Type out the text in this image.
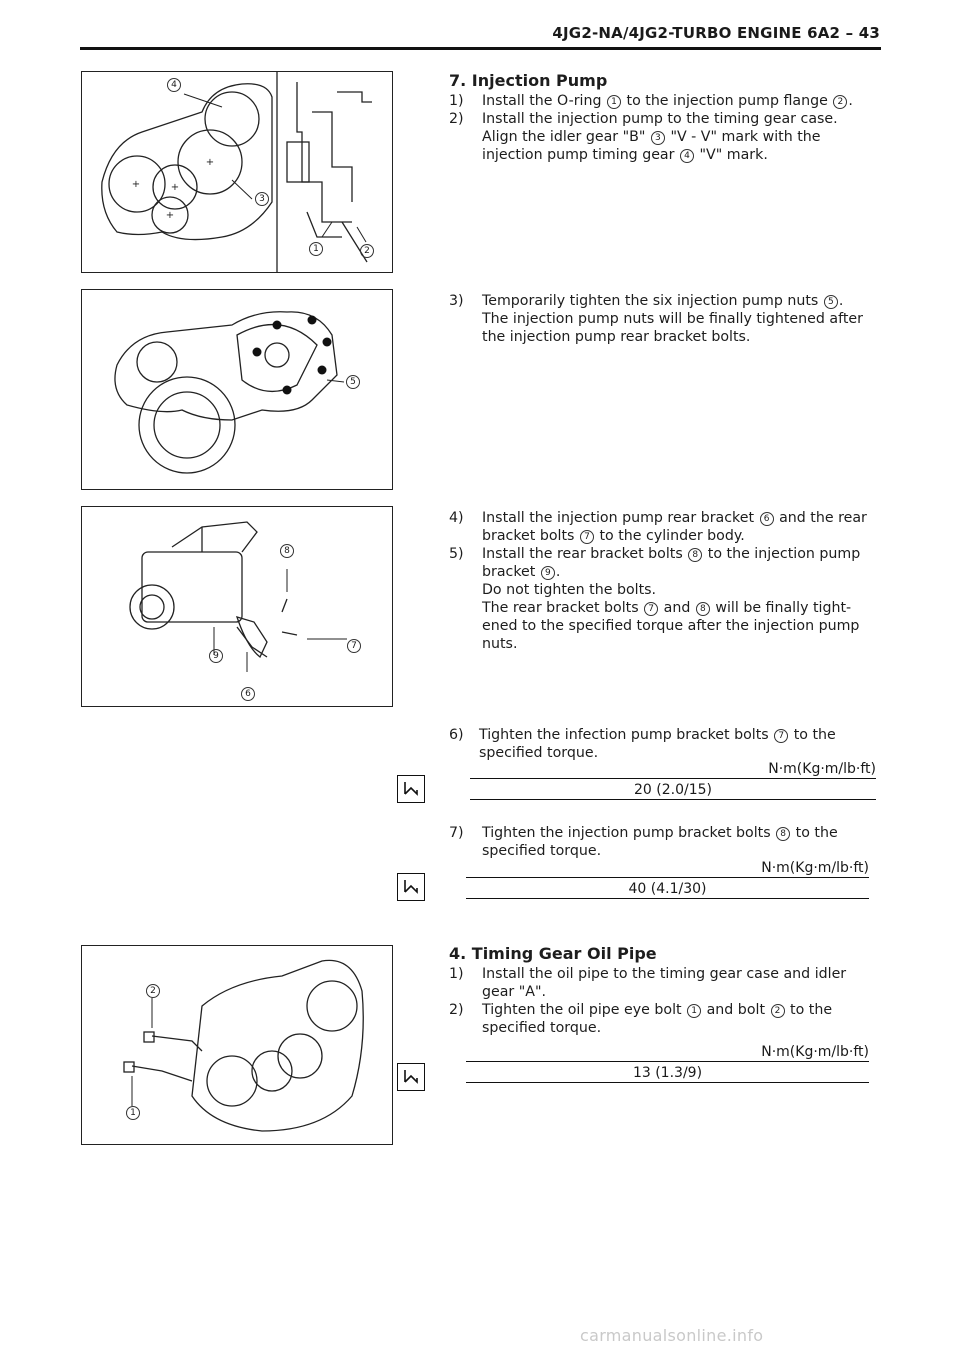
4JG2-NA/4JG2-TURBO ENGINE 6A2 – 43
+	+
+
+
4
3
1	2
5
8
7
9
6
2
1
7. Injection Pump
1)	Install the O-ring 1 to the injection pump flange 2 .
2)	Install the injection pump to the timing gear case.
Align the idler gear "B" 3 "V - V" mark with the
injection pump timing gear 4 "V" mark.
3)	Temporarily tighten the six injection pump nuts 5 .
The injection pump nuts will be finally tightened after
the injection pump rear bracket bolts.
4)	Install the injection pump rear bracket 6 and the rear
bracket bolts 7 to the cylinder body.
5)	Install the rear bracket bolts 8 to the injection pump
bracket 9 .
Do not tighten the bolts.
The rear bracket bolts 7 and 8 will be finally tight-
ened to the specified torque after the injection pump
nuts.
6)	Tighten the infection pump bracket bolts 7 to the
specified torque.
N·m(Kg·m/lb·ft)
20 (2.0/15)
7)	Tighten the injection pump bracket bolts 8 to the
specified torque.
N·m(Kg·m/lb·ft)
40 (4.1/30)
4. Timing Gear Oil Pipe
1)	Install the oil pipe to the timing gear case and idler
gear "A".
2)	Tighten the oil pipe eye bolt 1 and bolt 2 to the
specified torque.
N·m(Kg·m/lb·ft)
13 (1.3/9)
carmanualsonline.info
